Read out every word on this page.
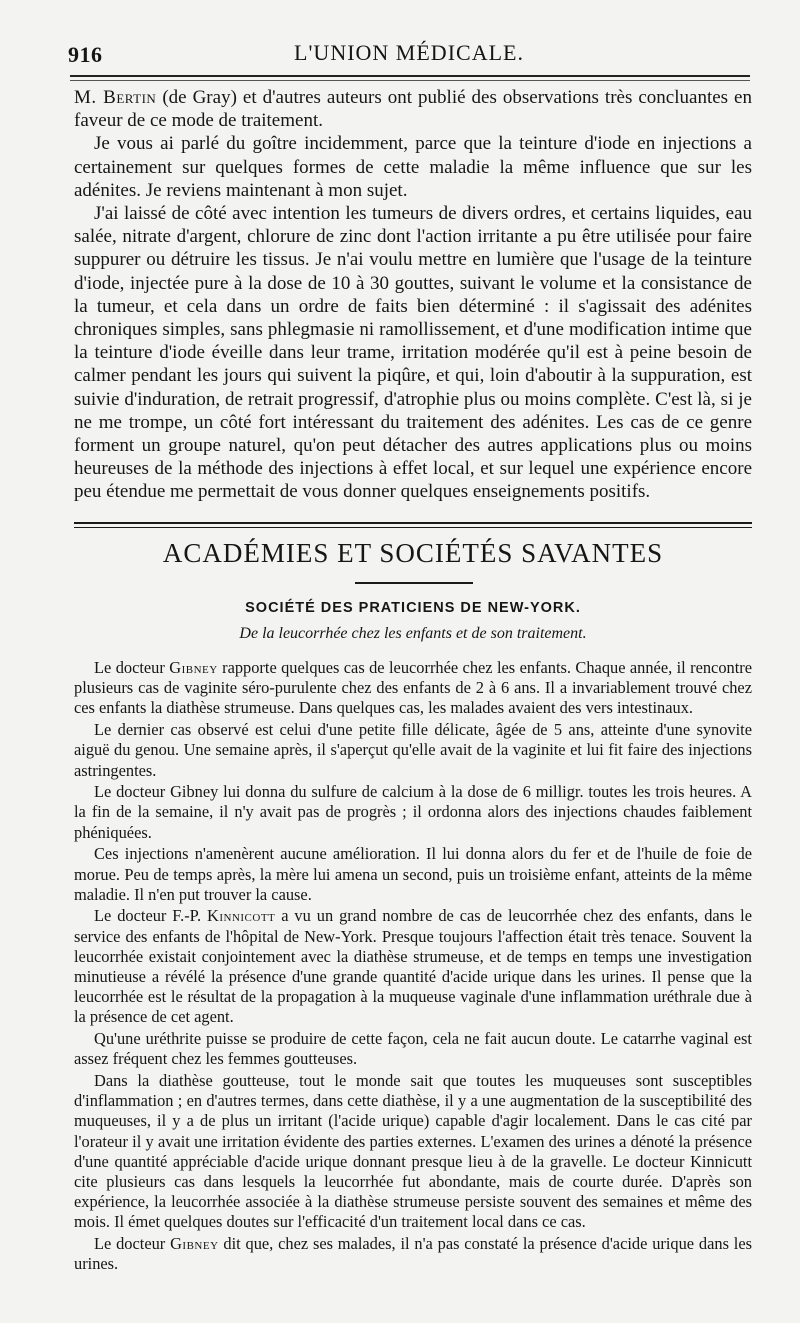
916	L'UNION MÉDICALE.

M. Bertin (de Gray) et d'autres auteurs ont publié des observations très concluantes en faveur de ce mode de traitement.

Je vous ai parlé du goître incidemment, parce que la teinture d'iode en injections a certainement sur quelques formes de cette maladie la même influence que sur les adénites. Je reviens maintenant à mon sujet.

J'ai laissé de côté avec intention les tumeurs de divers ordres, et certains liquides, eau salée, nitrate d'argent, chlorure de zinc dont l'action irritante a pu être utilisée pour faire suppurer ou détruire les tissus. Je n'ai voulu mettre en lumière que l'usage de la teinture d'iode, injectée pure à la dose de 10 à 30 gouttes, suivant le volume et la consistance de la tumeur, et cela dans un ordre de faits bien déterminé : il s'agissait des adénites chroniques simples, sans phlegmasie ni ramollissement, et d'une modification intime que la teinture d'iode éveille dans leur trame, irritation modérée qu'il est à peine besoin de calmer pendant les jours qui suivent la piqûre, et qui, loin d'aboutir à la suppuration, est suivie d'induration, de retrait progressif, d'atrophie plus ou moins complète. C'est là, si je ne me trompe, un côté fort intéressant du traitement des adénites. Les cas de ce genre forment un groupe naturel, qu'on peut détacher des autres applications plus ou moins heureuses de la méthode des injections à effet local, et sur lequel une expérience encore peu étendue me permettait de vous donner quelques enseignements positifs.

ACADÉMIES ET SOCIÉTÉS SAVANTES
SOCIÉTÉ DES PRATICIENS DE NEW-YORK.
De la leucorrhée chez les enfants et de son traitement.

Le docteur Gibney rapporte quelques cas de leucorrhée chez les enfants. Chaque année, il rencontre plusieurs cas de vaginite séro-purulente chez des enfants de 2 à 6 ans. Il a invariablement trouvé chez ces enfants la diathèse strumeuse. Dans quelques cas, les malades avaient des vers intestinaux.

Le dernier cas observé est celui d'une petite fille délicate, âgée de 5 ans, atteinte d'une synovite aiguë du genou. Une semaine après, il s'aperçut qu'elle avait de la vaginite et lui fit faire des injections astringentes.

Le docteur Gibney lui donna du sulfure de calcium à la dose de 6 milligr. toutes les trois heures. A la fin de la semaine, il n'y avait pas de progrès ; il ordonna alors des injections chaudes faiblement phéniquées.

Ces injections n'amenèrent aucune amélioration. Il lui donna alors du fer et de l'huile de foie de morue. Peu de temps après, la mère lui amena un second, puis un troisième enfant, atteints de la même maladie. Il n'en put trouver la cause.

Le docteur F.-P. Kinnicott a vu un grand nombre de cas de leucorrhée chez des enfants, dans le service des enfants de l'hôpital de New-York. Presque toujours l'affection était très tenace. Souvent la leucorrhée existait conjointement avec la diathèse strumeuse, et de temps en temps une investigation minutieuse a révélé la présence d'une grande quantité d'acide urique dans les urines. Il pense que la leucorrhée est le résultat de la propagation à la muqueuse vaginale d'une inflammation uréthrale due à la présence de cet agent.

Qu'une uréthrite puisse se produire de cette façon, cela ne fait aucun doute. Le catarrhe vaginal est assez fréquent chez les femmes goutteuses.

Dans la diathèse goutteuse, tout le monde sait que toutes les muqueuses sont susceptibles d'inflammation ; en d'autres termes, dans cette diathèse, il y a une augmentation de la susceptibilité des muqueuses, il y a de plus un irritant (l'acide urique) capable d'agir localement. Dans le cas cité par l'orateur il y avait une irritation évidente des parties externes. L'examen des urines a dénoté la présence d'une quantité appréciable d'acide urique donnant presque lieu à de la gravelle. Le docteur Kinnicutt cite plusieurs cas dans lesquels la leucorrhée fut abondante, mais de courte durée. D'après son expérience, la leucorrhée associée à la diathèse strumeuse persiste souvent des semaines et même des mois. Il émet quelques doutes sur l'efficacité d'un traitement local dans ce cas.

Le docteur Gibney dit que, chez ses malades, il n'a pas constaté la présence d'acide urique dans les urines.
